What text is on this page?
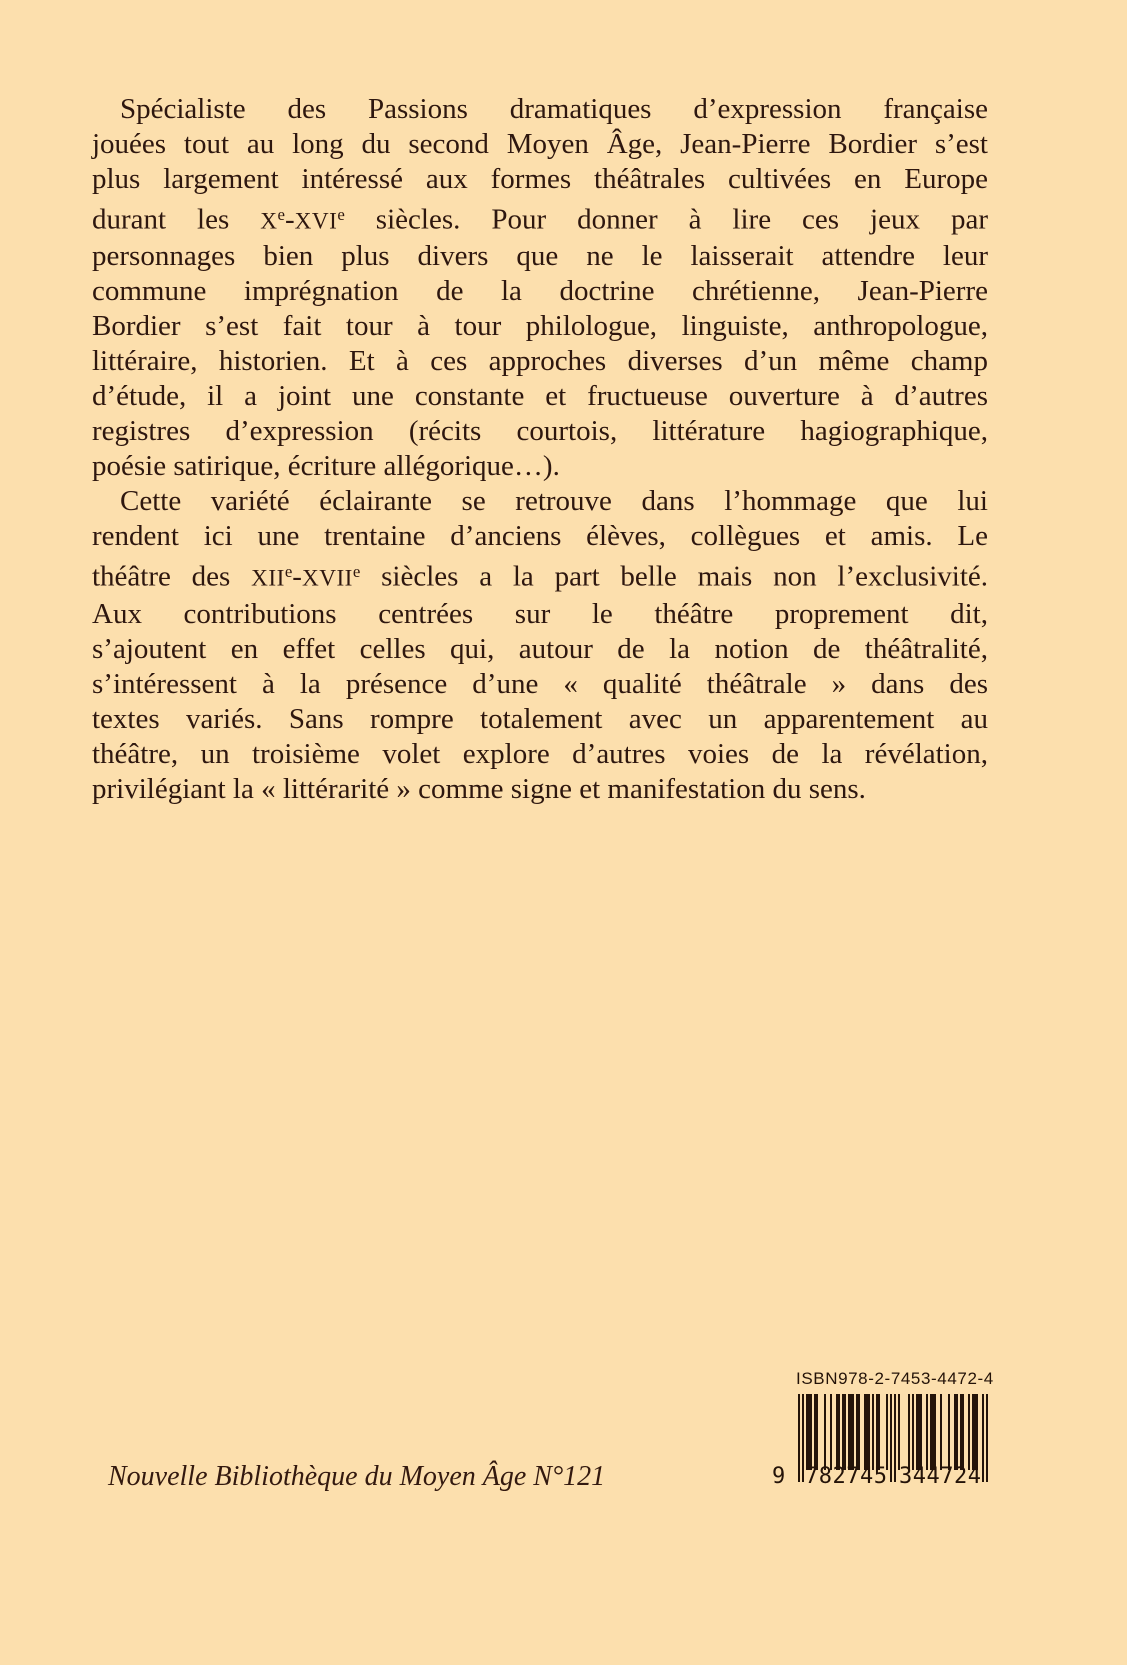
Spécialiste des Passions dramatiques d’expression française
jouées tout au long du second Moyen Âge, Jean-Pierre Bordier s’est
plus largement intéressé aux formes théâtrales cultivées en Europe
durant les Xe-XVIe siècles. Pour donner à lire ces jeux par
personnages bien plus divers que ne le laisserait attendre leur
commune imprégnation de la doctrine chrétienne, Jean-Pierre
Bordier s’est fait tour à tour philologue, linguiste, anthropologue,
littéraire, historien. Et à ces approches diverses d’un même champ
d’étude, il a joint une constante et fructueuse ouverture à d’autres
registres d’expression (récits courtois, littérature hagiographique,
poésie satirique, écriture allégorique…).
Cette variété éclairante se retrouve dans l’hommage que lui
rendent ici une trentaine d’anciens élèves, collègues et amis. Le
théâtre des XIIe-XVIIe siècles a la part belle mais non l’exclusivité.
Aux contributions centrées sur le théâtre proprement dit,
s’ajoutent en effet celles qui, autour de la notion de théâtralité,
s’intéressent à la présence d’une « qualité théâtrale » dans des
textes variés. Sans rompre totalement avec un apparentement au
théâtre, un troisième volet explore d’autres voies de la révélation,
privilégiant la « littérarité » comme signe et manifestation du sens.
Nouvelle Bibliothèque du Moyen Âge N°121
ISBN 978-2-7453-4472-4
9 7 8 2 7 4 5 3 4 4 7 2 4
